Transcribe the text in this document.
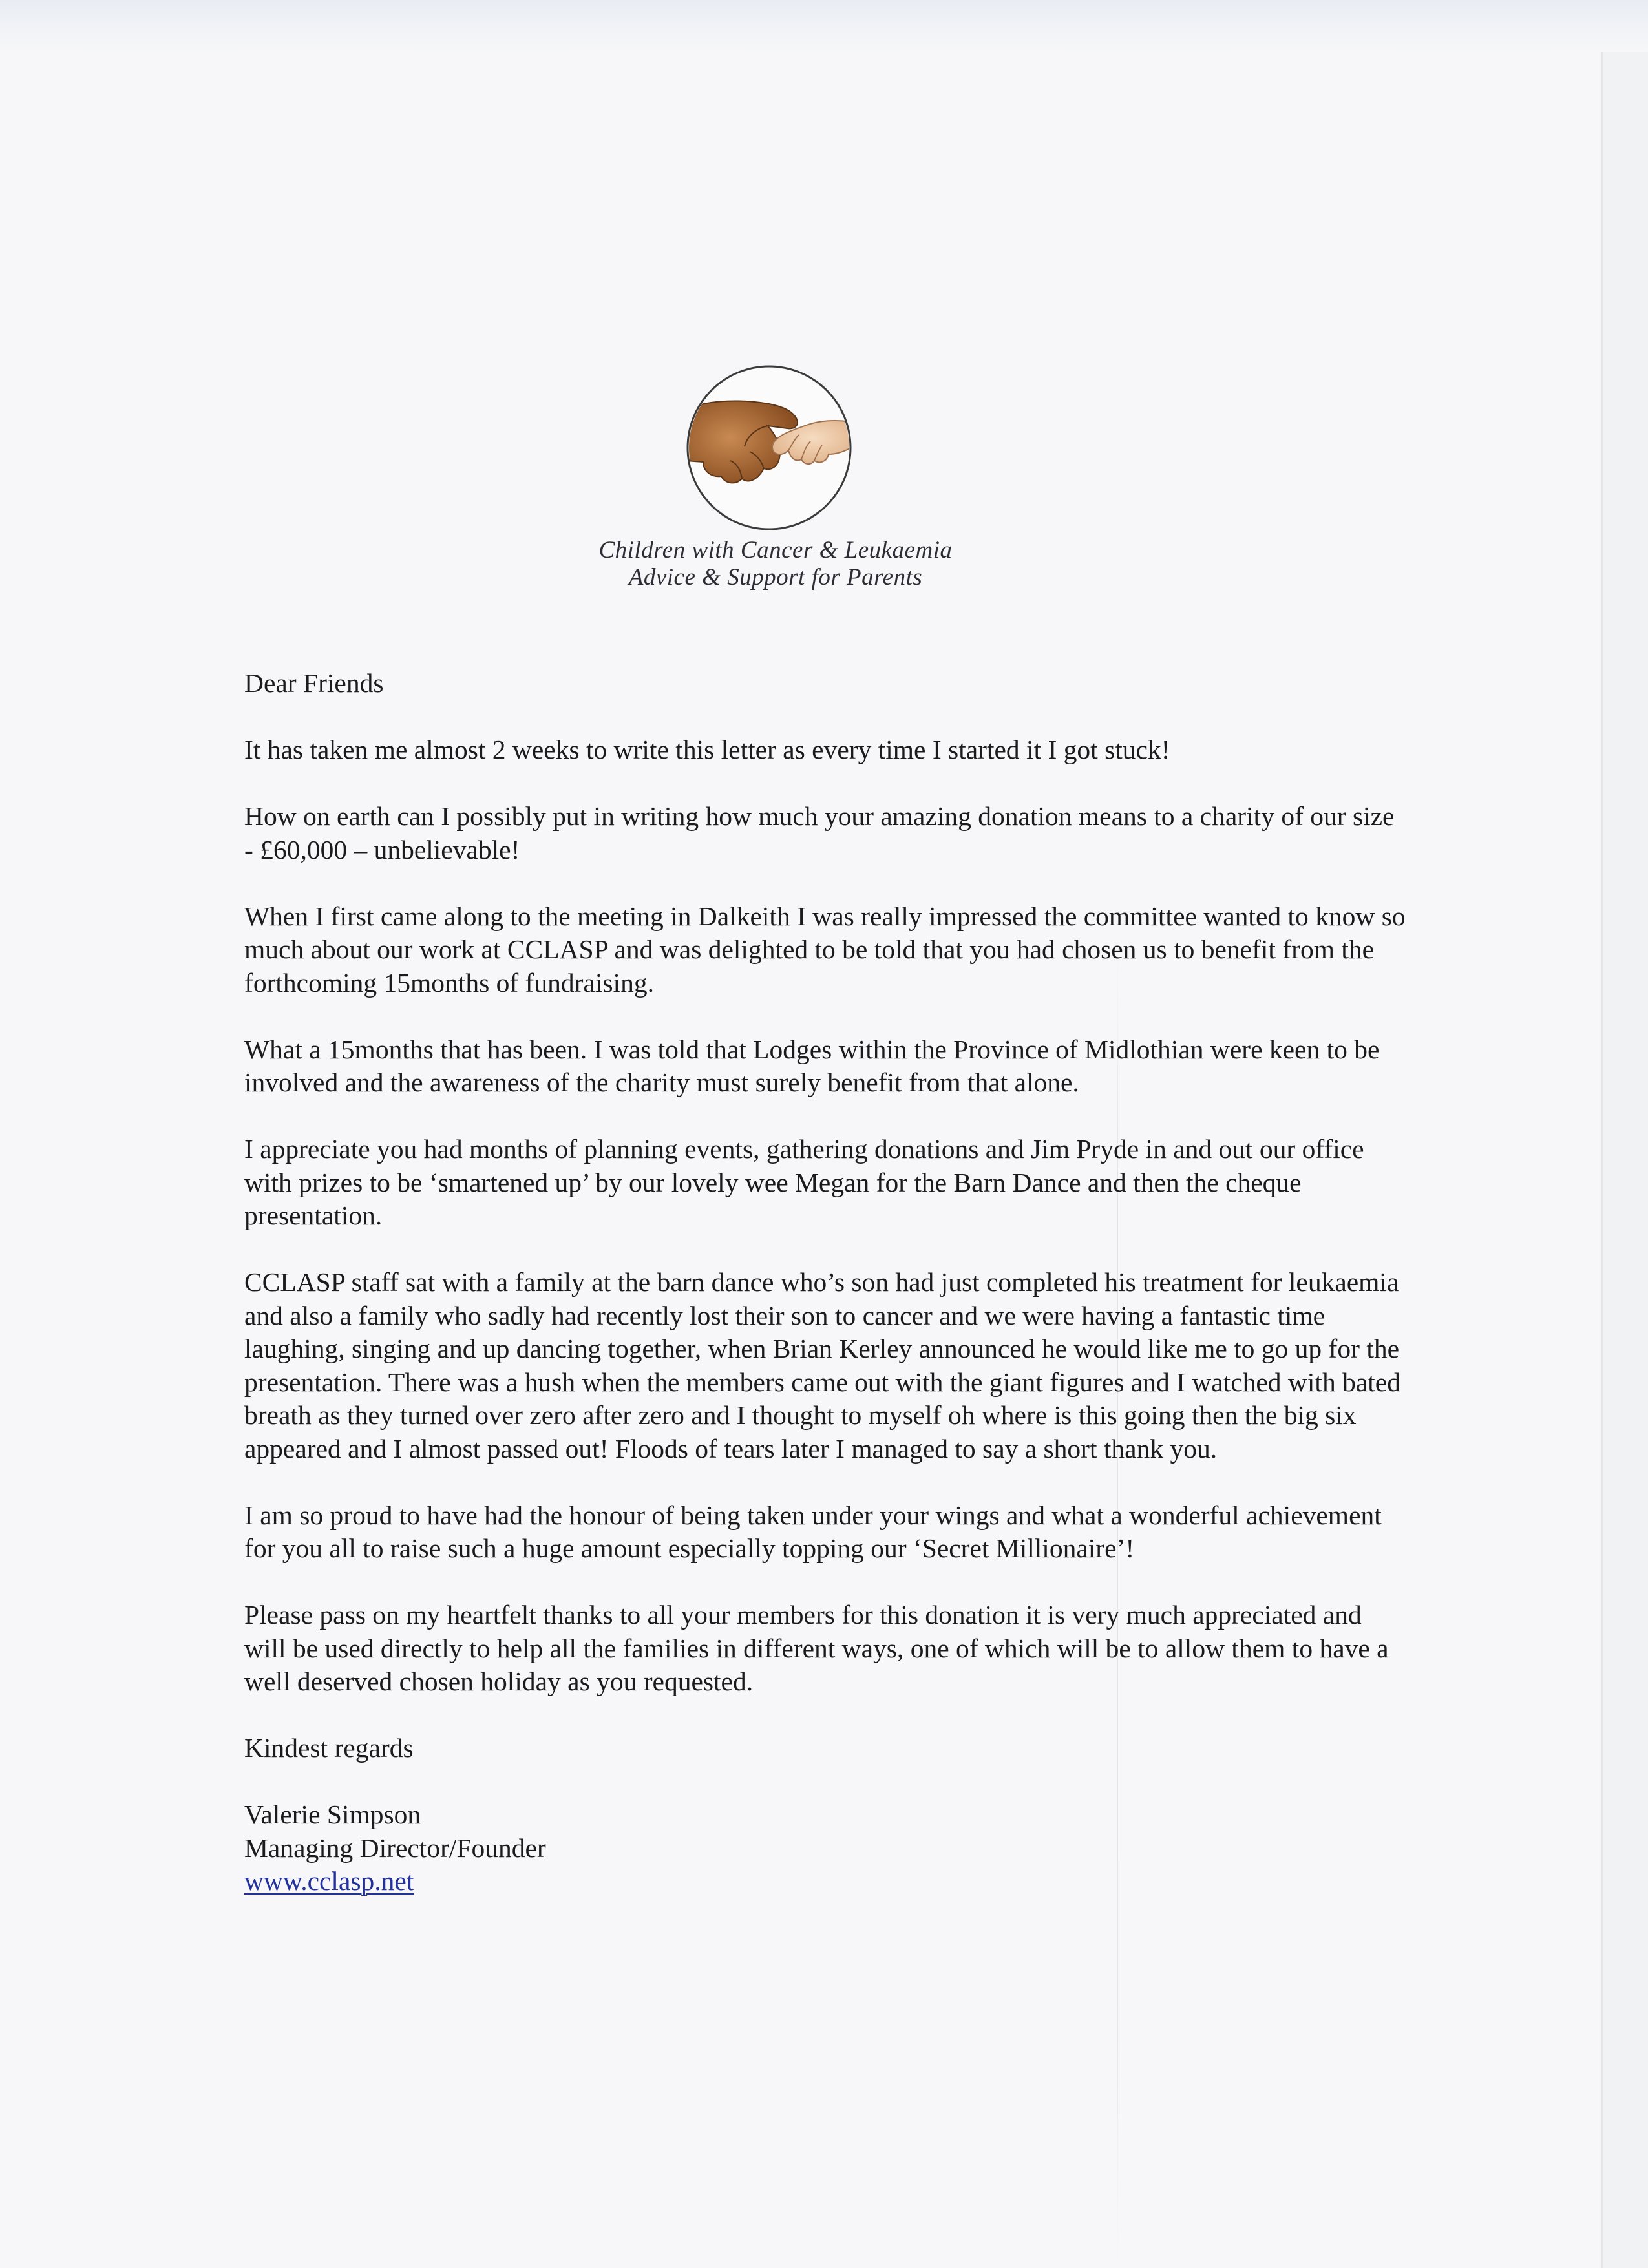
Children with Cancer & Leukaemia
Advice & Support for Parents

Dear Friends

It has taken me almost 2 weeks to write this letter as every time I started it I got stuck!

How on earth can I possibly put in writing how much your amazing donation means to a charity of our size - £60,000 – unbelievable!

When I first came along to the meeting in Dalkeith I was really impressed the committee wanted to know so much about our work at CCLASP and was delighted to be told that you had chosen us to benefit from the forthcoming 15months of fundraising.

What a 15months that has been. I was told that Lodges within the Province of Midlothian were keen to be involved and the awareness of the charity must surely benefit from that alone.

I appreciate you had months of planning events, gathering donations and Jim Pryde in and out our office with prizes to be ‘smartened up’ by our lovely wee Megan for the Barn Dance and then the cheque presentation.

CCLASP staff sat with a family at the barn dance who’s son had just completed his treatment for leukaemia and also a family who sadly had recently lost their son to cancer and we were having a fantastic time laughing, singing and up dancing together, when Brian Kerley announced he would like me to go up for the presentation. There was a hush when the members came out with the giant figures and I watched with bated breath as they turned over zero after zero and I thought to myself oh where is this going then the big six appeared and I almost passed out! Floods of tears later I managed to say a short thank you.

I am so proud to have had the honour of being taken under your wings and what a wonderful achievement for you all to raise such a huge amount especially topping our ‘Secret Millionaire’!

Please pass on my heartfelt thanks to all your members for this donation it is very much appreciated and will be used directly to help all the families in different ways, one of which will be to allow them to have a well deserved chosen holiday as you requested.

Kindest regards

Valerie Simpson

Managing Director/Founder

www.cclasp.net
